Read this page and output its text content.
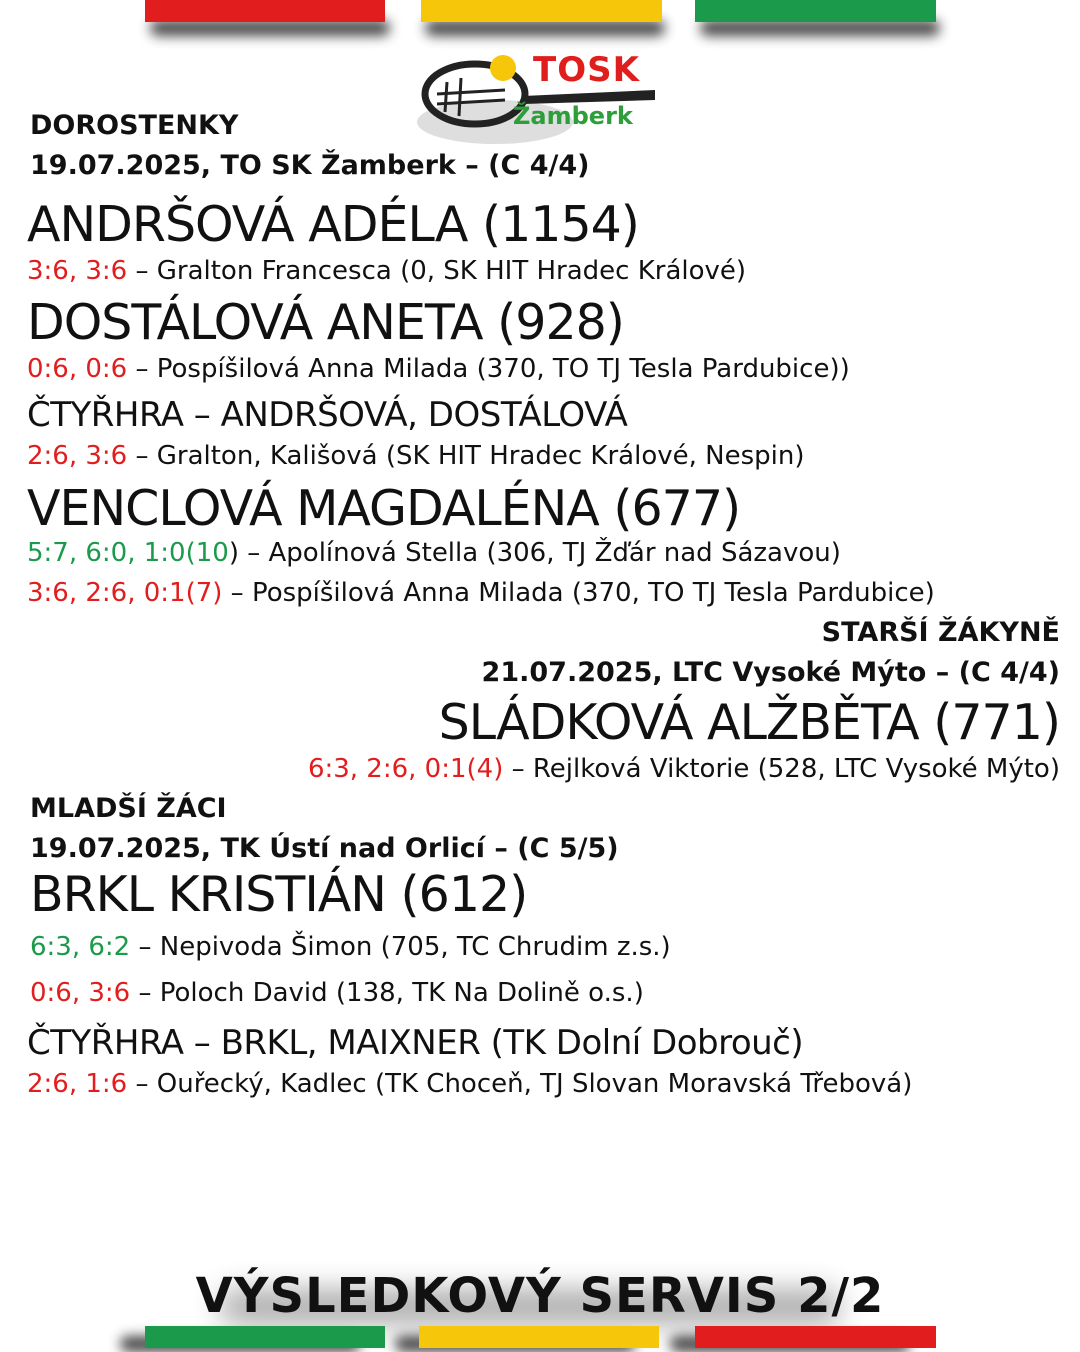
TOSK
Žamberk
DOROSTENKY
19.07.2025, TO SK Žamberk – (C 4/4)
ANDRŠOVÁ ADÉLA (1154)
3:6, 3:6 – Gralton Francesca (0, SK HIT Hradec Králové)
DOSTÁLOVÁ ANETA (928)
0:6, 0:6 – Pospíšilová Anna Milada (370, TO TJ Tesla Pardubice))
ČTYŘHRA – ANDRŠOVÁ, DOSTÁLOVÁ
2:6, 3:6 – Gralton, Kališová (SK HIT Hradec Králové, Nespin)
VENCLOVÁ MAGDALÉNA (677)
5:7, 6:0, 1:0(10) – Apolínová Stella (306, TJ Žďár nad Sázavou)
3:6, 2:6, 0:1(7) – Pospíšilová Anna Milada (370, TO TJ Tesla Pardubice)
STARŠÍ ŽÁKYNĚ
21.07.2025, LTC Vysoké Mýto – (C 4/4)
SLÁDKOVÁ ALŽBĚTA (771)
6:3, 2:6, 0:1(4) – Rejlková Viktorie (528, LTC Vysoké Mýto)
MLADŠÍ ŽÁCI
19.07.2025, TK Ústí nad Orlicí – (C 5/5)
BRKL KRISTIÁN (612)
6:3, 6:2 – Nepivoda Šimon (705, TC Chrudim z.s.)
0:6, 3:6 – Poloch David (138, TK Na Dolině o.s.)
ČTYŘHRA – BRKL, MAIXNER (TK Dolní Dobrouč)
2:6, 1:6 – Ouřecký, Kadlec (TK Choceň, TJ Slovan Moravská Třebová)
VÝSLEDKOVÝ SERVIS 2/2
